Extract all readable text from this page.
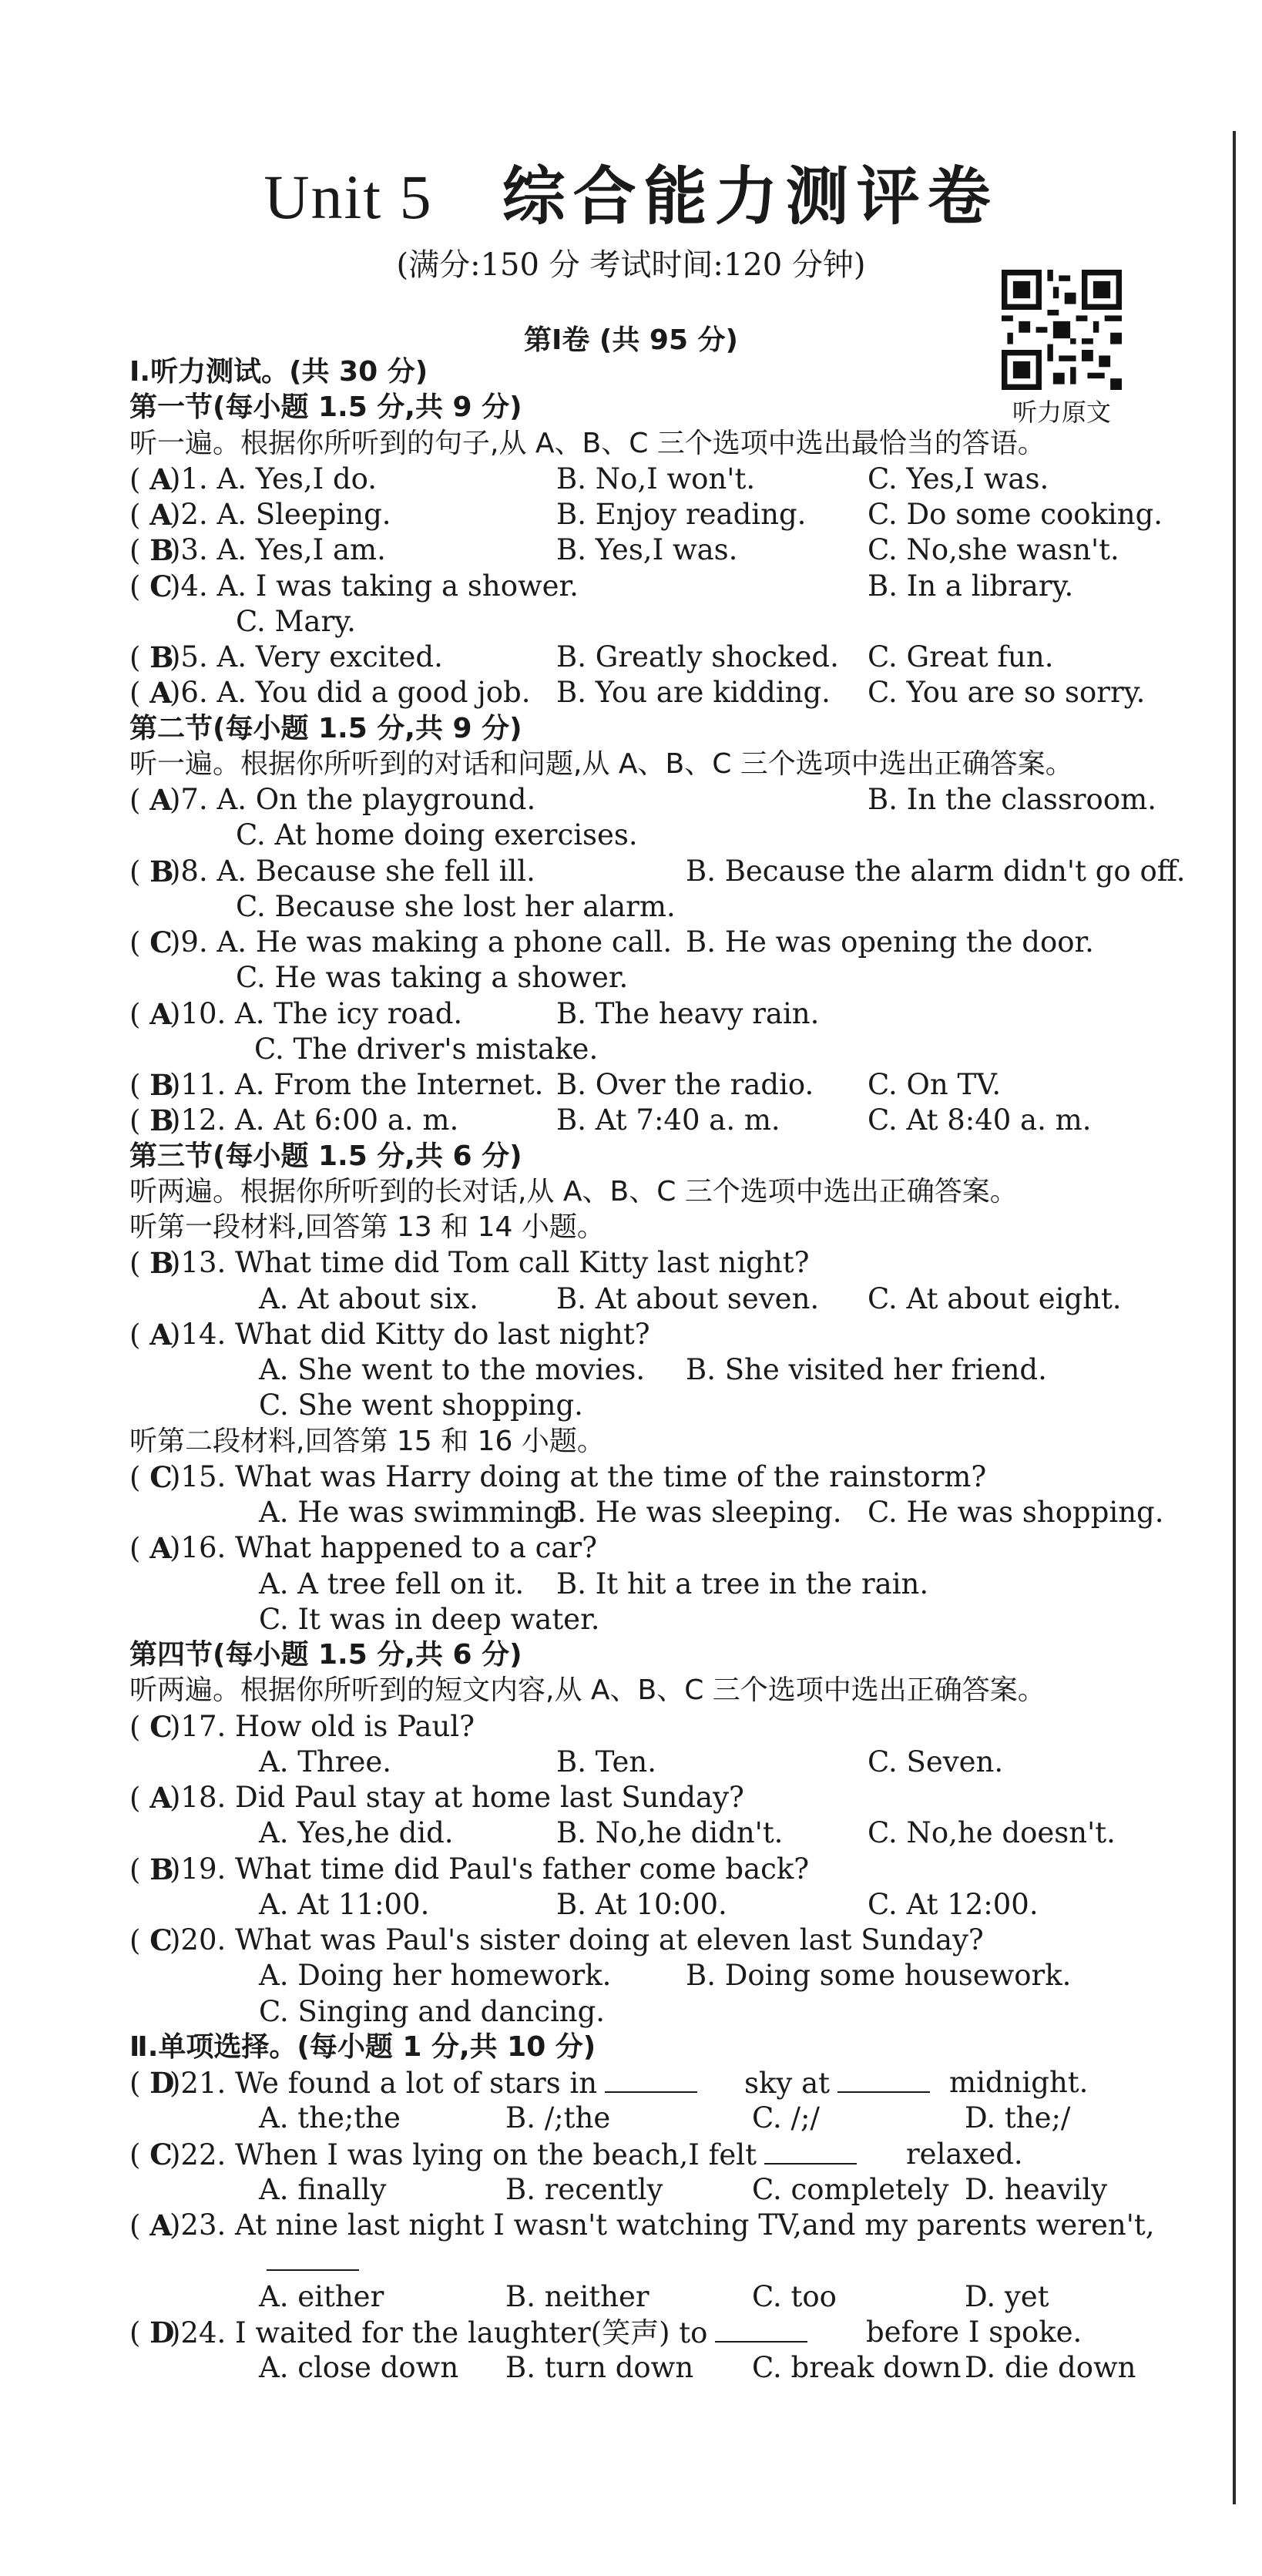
Unit 5 综合能力测评卷
(满分:150 分 考试时间:120 分钟)
听力原文
第Ⅰ卷 (共 95 分)
Ⅰ.听力测试。(共 30 分)
第一节(每小题 1.5 分,共 9 分)
听一遍。根据你所听到的句子,从 A、B、C 三个选项中选出最恰当的答语。
( A
)1. A. Yes,I do.	B. No,I won't.	C. Yes,I was.
( A
)2. A. Sleeping.	B. Enjoy reading. C. Do some cooking.
( B
)3. A. Yes,I am.	B. Yes,I was.	C. No,she wasn't.
( C
)4. A. I was taking a shower.	B. In a library.
C. Mary.
( B
)5. A. Very excited.	B. Greatly shocked. C. Great fun.
( A
)6. A. You did a good job. B. You are kidding. C. You are so sorry.
第二节(每小题 1.5 分,共 9 分)
听一遍。根据你所听到的对话和问题,从 A、B、C 三个选项中选出正确答案。
( A
)7. A. On the playground.	B. In the classroom.
C. At home doing exercises.
( B
)8. A. Because she fell ill.	B. Because the alarm didn't go off.
C. Because she lost her alarm.
( C
)9. A. He was making a phone call. B. He was opening the door.
C. He was taking a shower.
( A
)10. A. The icy road.	B. The heavy rain.
C. The driver's mistake.
( B
)11. A. From the Internet. B. Over the radio. C. On TV.
( B
)12. A. At 6:00 a. m.	B. At 7:40 a. m.	C. At 8:40 a. m.
第三节(每小题 1.5 分,共 6 分)
听两遍。根据你所听到的长对话,从 A、B、C 三个选项中选出正确答案。
听第一段材料,回答第 13 和 14 小题。
( B
)13. What time did Tom call Kitty last night?
A. At about six.	B. At about seven. C. At about eight.
( A
)14. What did Kitty do last night?
A. She went to the movies. B. She visited her friend.
C. She went shopping.
听第二段材料,回答第 15 和 16 小题。
( C
)15. What was Harry doing at the time of the rainstorm?
A. He was swimming.
B. He was sleeping. C. He was shopping.
( A
)16. What happened to a car?
A. A tree fell on it. B. It hit a tree in the rain.
C. It was in deep water.
第四节(每小题 1.5 分,共 6 分)
听两遍。根据你所听到的短文内容,从 A、B、C 三个选项中选出正确答案。
( C
)17. How old is Paul?
A. Three.	B. Ten.	C. Seven.
( A
)18. Did Paul stay at home last Sunday?
A. Yes,he did.	B. No,he didn't.	C. No,he doesn't.
( B
)19. What time did Paul's father come back?
A. At 11:00.	B. At 10:00.	C. At 12:00.
( C
)20. What was Paul's sister doing at eleven last Sunday?
A. Doing her homework.	B. Doing some housework.
C. Singing and dancing.
Ⅱ.单项选择。(每小题 1 分,共 10 分)
( D
)21. We found a lot of stars in	sky at	midnight.
A. the;the	B. /;the	C. /;/	D. the;/
( C
)22. When I was lying on the beach,I felt	relaxed.
A. finally	B. recently	C. completely D. heavily
( A
)23. At nine last night I wasn't watching TV,and my parents weren't,
A. either	B. neither	C. too	D. yet
( D
)24. I waited for the laughter(笑声) to	before I spoke.
A. close down B. turn down C. break down D. die down
